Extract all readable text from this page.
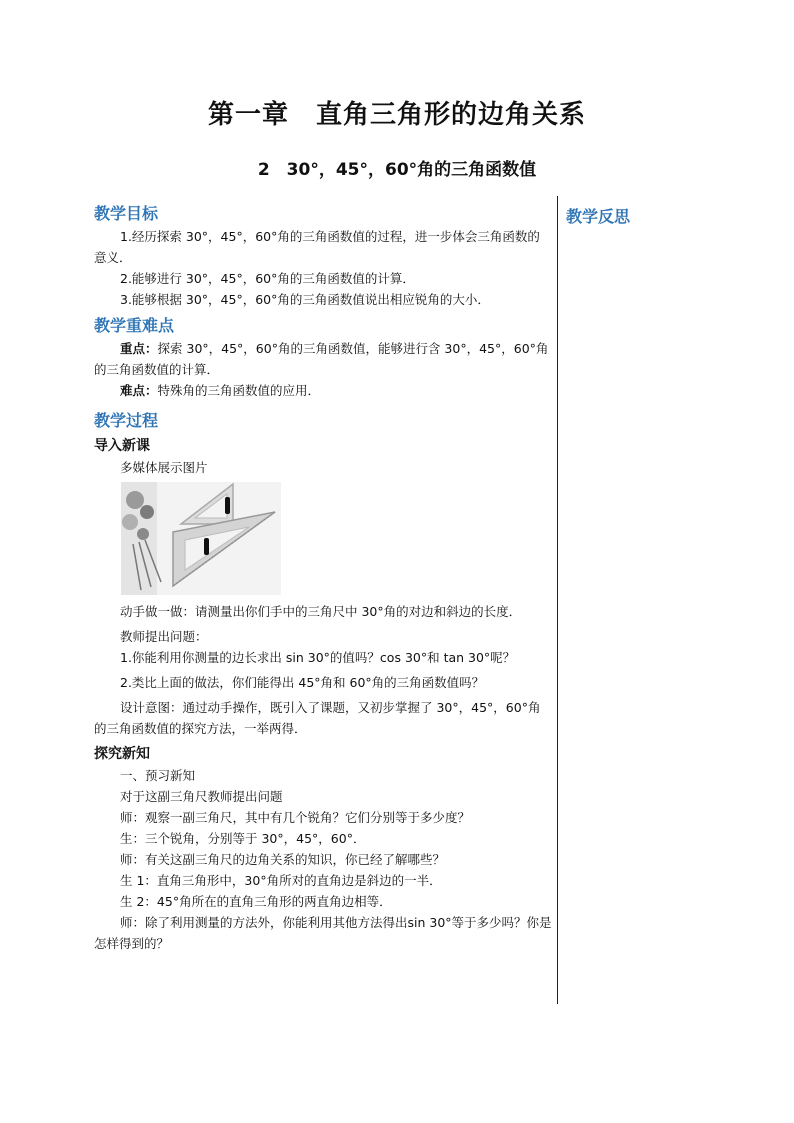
第一章　直角三角形的边角关系
2　30°，45°，60°角的三角函数值
教学反思
教学目标

1.经历探索 30°，45°，60°角的三角函数值的过程，进一步体会三角函数的意义．

2.能够进行 30°，45°，60°角的三角函数值的计算．

3.能够根据 30°，45°，60°角的三角函数值说出相应锐角的大小．

教学重难点

重点：探索 30°，45°，60°角的三角函数值，能够进行含 30°，45°，60°角的三角函数值的计算．

难点：特殊角的三角函数值的应用．

教学过程
导入新课

多媒体展示图片

动手做一做：请测量出你们手中的三角尺中 30°角的对边和斜边的长度．

教师提出问题：

1.你能利用你测量的边长求出 sin 30°的值吗？cos 30°和 tan 30°呢？

2.类比上面的做法，你们能得出 45°角和 60°角的三角函数值吗？

设计意图：通过动手操作，既引入了课题，又初步掌握了 30°，45°，60°角的三角函数值的探究方法，一举两得．

探究新知

一、预习新知

对于这副三角尺教师提出问题

师：观察一副三角尺，其中有几个锐角？它们分别等于多少度？

生：三个锐角，分别等于 30°，45°，60°．

师：有关这副三角尺的边角关系的知识，你已经了解哪些？

生 1：直角三角形中，30°角所对的直角边是斜边的一半．

生 2：45°角所在的直角三角形的两直角边相等．

师：除了利用测量的方法外，你能利用其他方法得出sin 30°等于多少吗？你是怎样得到的？
